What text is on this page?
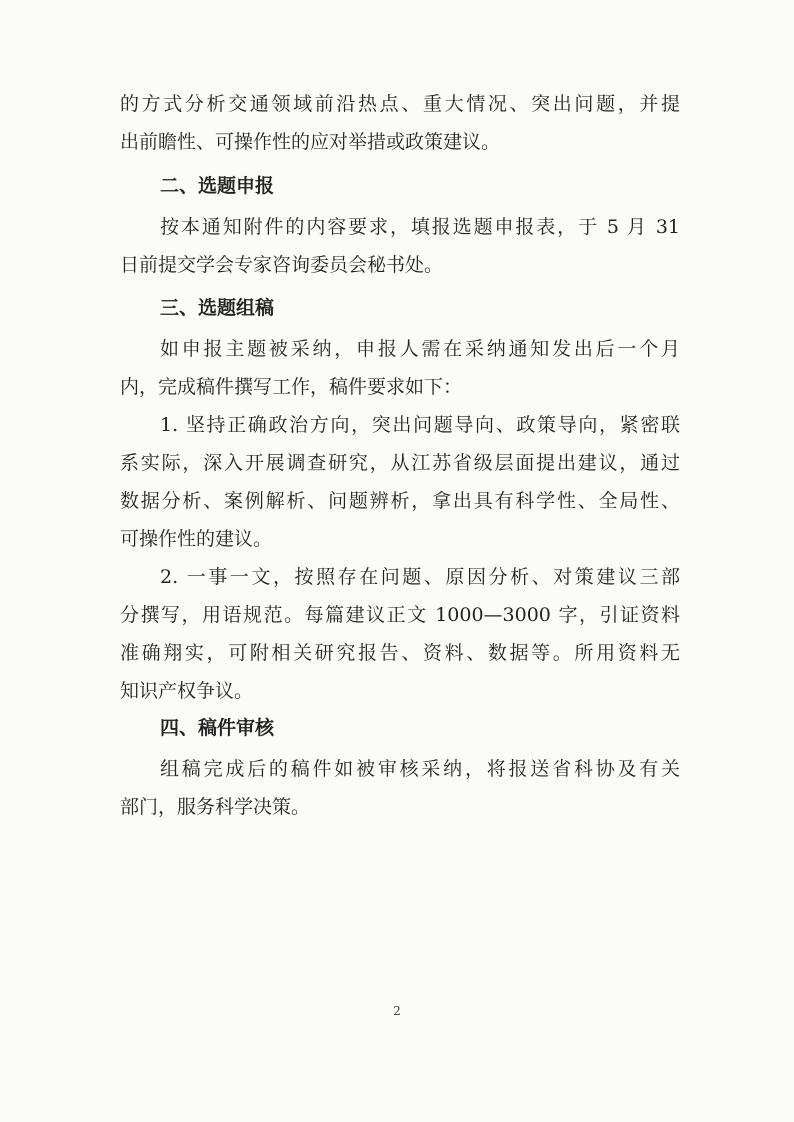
的方式分析交通领域前沿热点、重大情况、突出问题，并提
出前瞻性、可操作性的应对举措或政策建议。
二、选题申报
按本通知附件的内容要求，填报选题申报表，于 5 月 31
日前提交学会专家咨询委员会秘书处。
三、选题组稿
如申报主题被采纳，申报人需在采纳通知发出后一个月
内，完成稿件撰写工作，稿件要求如下：
1. 坚持正确政治方向，突出问题导向、政策导向，紧密联
系实际，深入开展调查研究，从江苏省级层面提出建议，通过
数据分析、案例解析、问题辨析，拿出具有科学性、全局性、
可操作性的建议。
2. 一事一文，按照存在问题、原因分析、对策建议三部
分撰写，用语规范。每篇建议正文 1000—3000 字，引证资料
准确翔实，可附相关研究报告、资料、数据等。所用资料无
知识产权争议。
四、稿件审核
组稿完成后的稿件如被审核采纳，将报送省科协及有关
部门，服务科学决策。
2
